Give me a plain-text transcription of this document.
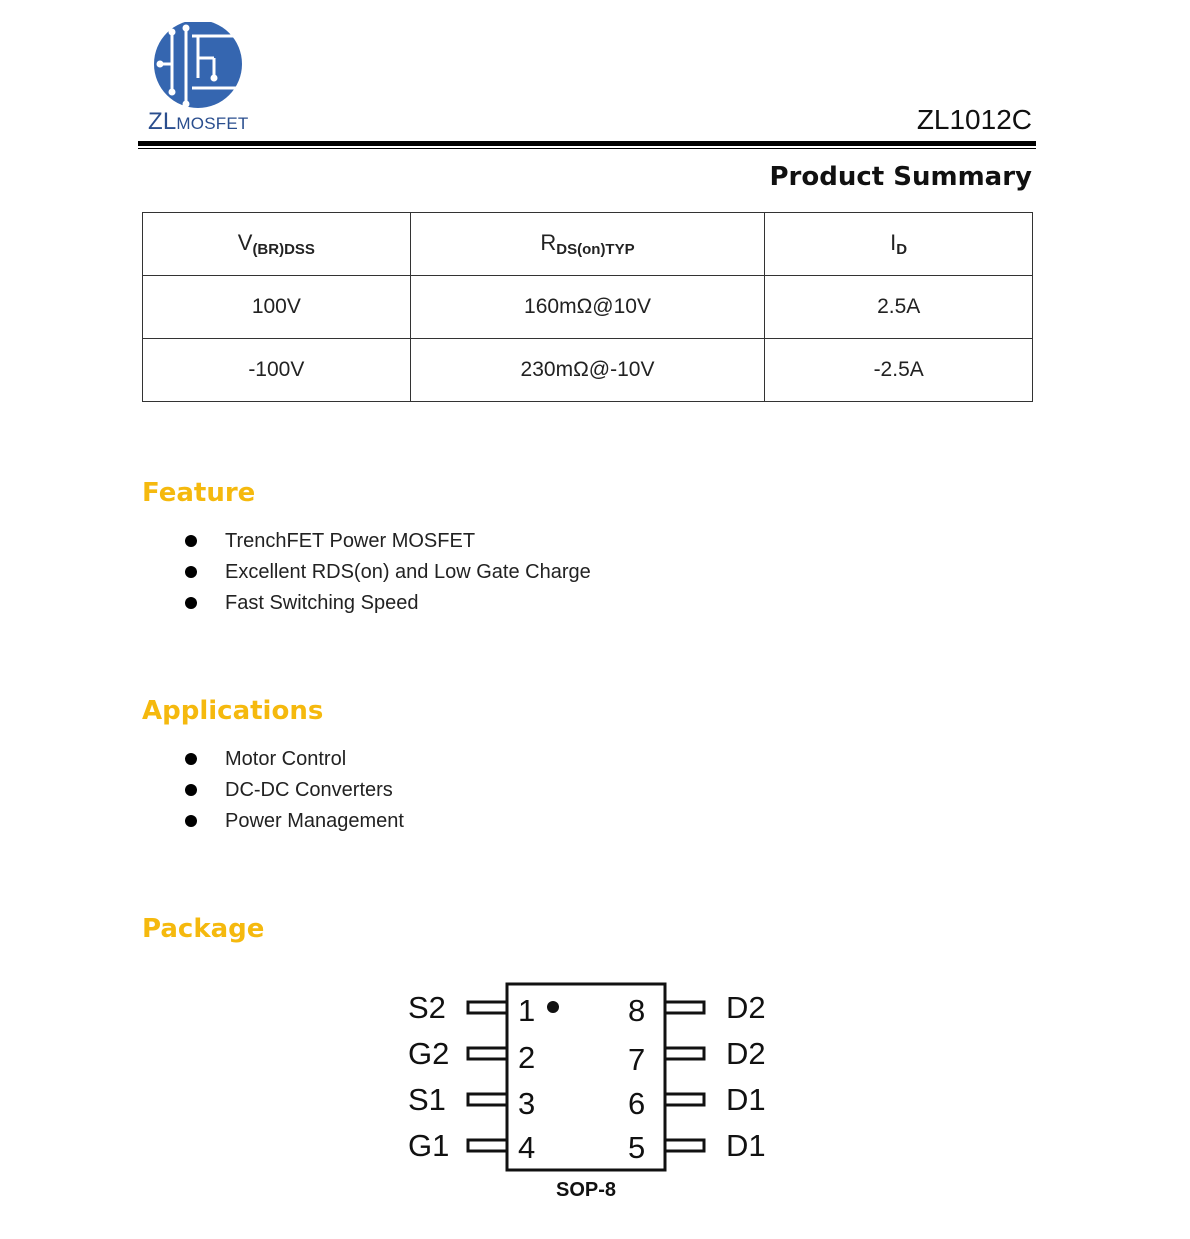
ZLMOSFET	ZL1012C
Product Summary
$V_{(BR)DSS}$	$R_{DS(on)TYP}$	$I_D$
100V	160mΩ@10V	2.5A
-100V	230mΩ@-10V	-2.5A
Feature
TrenchFET Power MOSFET
Excellent RDS(on) and Low Gate Charge
Fast Switching Speed
Applications
Motor Control
DC-DC Converters
Power Management
Package
S2
G2
S1
G1
1
2
3
4
8
7
6
5
D2
D2
D1
D1
SOP-8
